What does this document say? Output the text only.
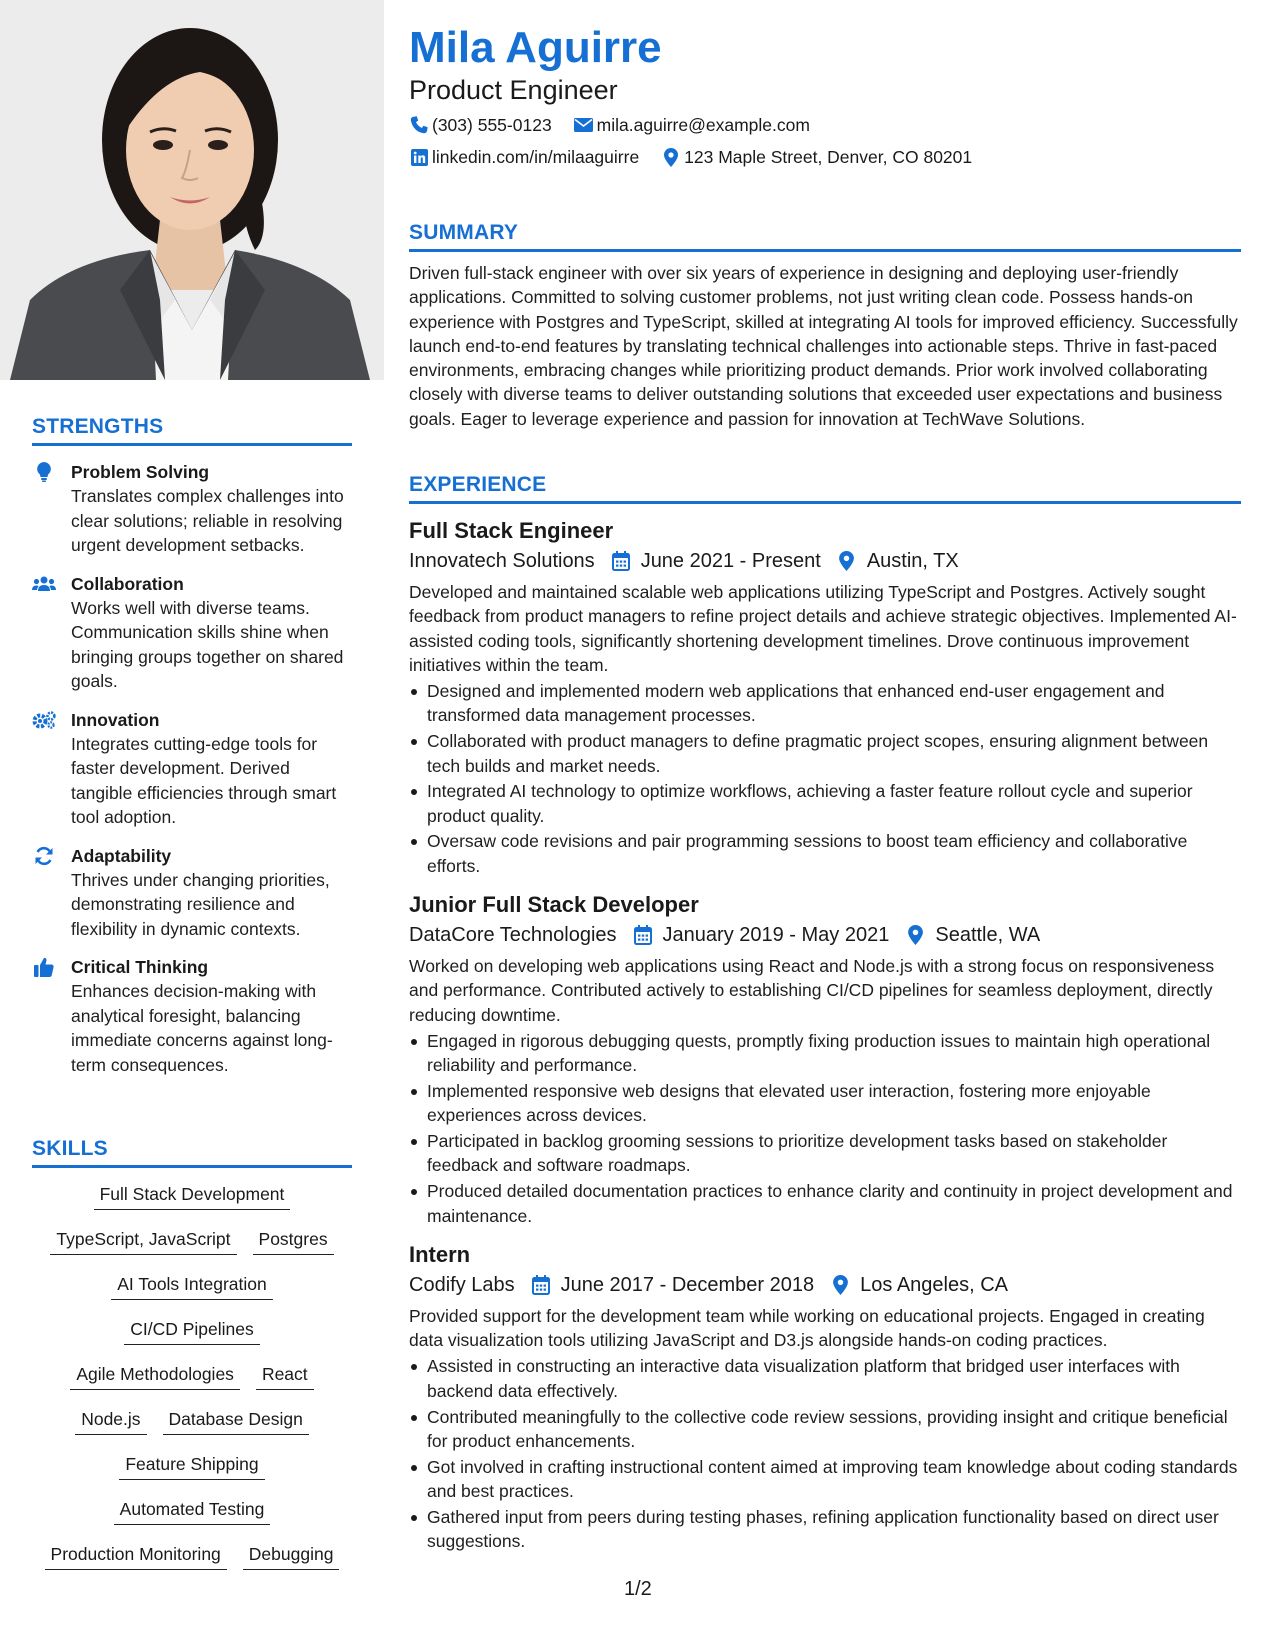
STRENGTHS
Problem Solving
Translates complex challenges into clear solutions; reliable in resolving urgent development setbacks.
Collaboration
Works well with diverse teams. Communication skills shine when bringing groups together on shared goals.
Innovation
Integrates cutting-edge tools for faster development. Derived tangible efficiencies through smart tool adoption.
Adaptability
Thrives under changing priorities, demonstrating resilience and flexibility in dynamic contexts.
Critical Thinking
Enhances decision-making with analytical foresight, balancing immediate concerns against long-term consequences.
SKILLS
Full Stack Development
TypeScript, JavaScript	Postgres
AI Tools Integration
CI/CD Pipelines
Agile Methodologies	React
Node.js	Database Design
Feature Shipping
Automated Testing
Production Monitoring	Debugging
Mila Aguirre
Product Engineer
(303) 555-0123	mila.aguirre@example.com
linkedin.com/in/milaaguirre	123 Maple Street, Denver, CO 80201
SUMMARY
Driven full-stack engineer with over six years of experience in designing and deploying user-friendly applications. Committed to solving customer problems, not just writing clean code. Possess hands-on experience with Postgres and TypeScript, skilled at integrating AI tools for improved efficiency. Successfully launch end-to-end features by translating technical challenges into actionable steps. Thrive in fast-paced environments, embracing changes while prioritizing product demands. Prior work involved collaborating closely with diverse teams to deliver outstanding solutions that exceeded user expectations and business goals. Eager to leverage experience and passion for innovation at TechWave Solutions.
EXPERIENCE
Full Stack Engineer
Innovatech Solutions June 2021 - Present Austin, TX
Developed and maintained scalable web applications utilizing TypeScript and Postgres. Actively sought feedback from product managers to refine project details and achieve strategic objectives. Implemented AI-assisted coding tools, significantly shortening development timelines. Drove continuous improvement initiatives within the team.
Designed and implemented modern web applications that enhanced end-user engagement and transformed data management processes.
Collaborated with product managers to define pragmatic project scopes, ensuring alignment between tech builds and market needs.
Integrated AI technology to optimize workflows, achieving a faster feature rollout cycle and superior product quality.
Oversaw code revisions and pair programming sessions to boost team efficiency and collaborative efforts.
Junior Full Stack Developer
DataCore Technologies January 2019 - May 2021 Seattle, WA
Worked on developing web applications using React and Node.js with a strong focus on responsiveness and performance. Contributed actively to establishing CI/CD pipelines for seamless deployment, directly reducing downtime.
Engaged in rigorous debugging quests, promptly fixing production issues to maintain high operational reliability and performance.
Implemented responsive web designs that elevated user interaction, fostering more enjoyable experiences across devices.
Participated in backlog grooming sessions to prioritize development tasks based on stakeholder feedback and software roadmaps.
Produced detailed documentation practices to enhance clarity and continuity in project development and maintenance.
Intern
Codify Labs June 2017 - December 2018 Los Angeles, CA
Provided support for the development team while working on educational projects. Engaged in creating data visualization tools utilizing JavaScript and D3.js alongside hands-on coding practices.
Assisted in constructing an interactive data visualization platform that bridged user interfaces with backend data effectively.
Contributed meaningfully to the collective code review sessions, providing insight and critique beneficial for product enhancements.
Got involved in crafting instructional content aimed at improving team knowledge about coding standards and best practices.
Gathered input from peers during testing phases, refining application functionality based on direct user suggestions.
1/2
